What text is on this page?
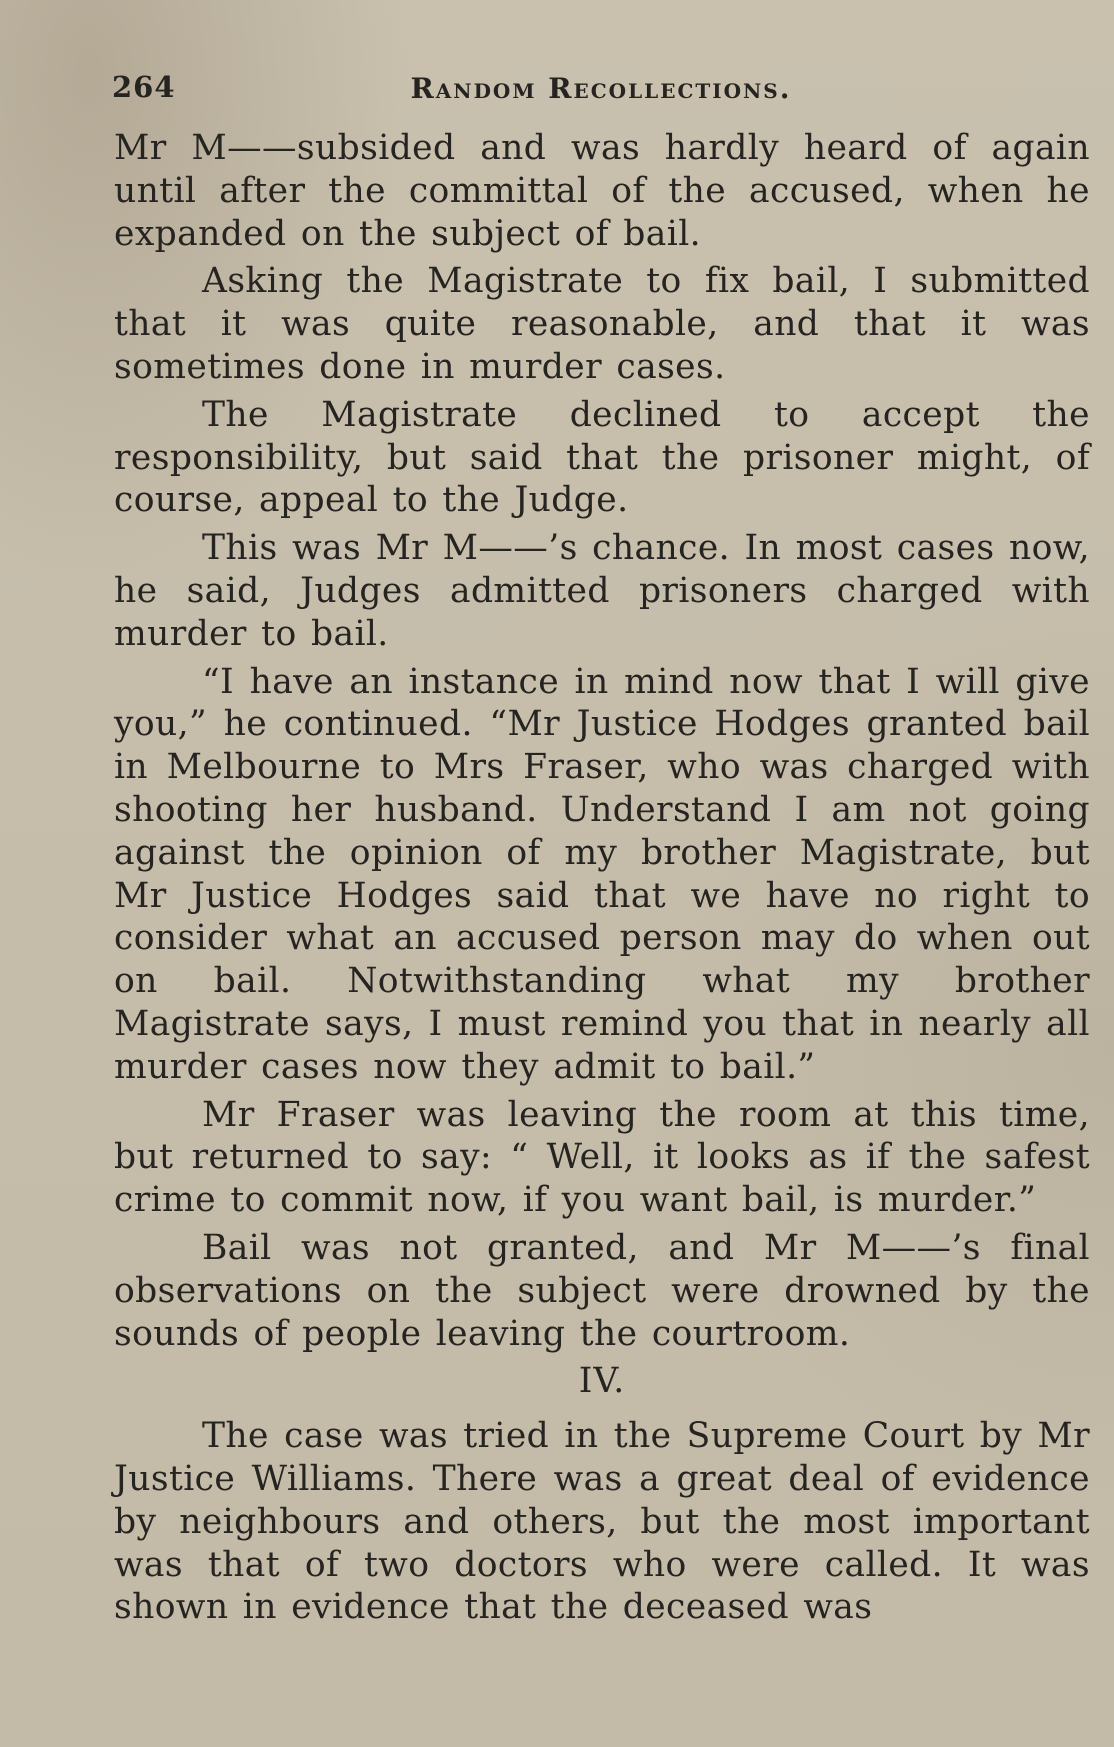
264	Random Recollections.

Mr M——subsided and was hardly heard of again until after the committal of the accused, when he expanded on the subject of bail.

Asking the Magistrate to fix bail, I submitted that it was quite reasonable, and that it was sometimes done in murder cases.

The Magistrate declined to accept the responsibility, but said that the prisoner might, of course, appeal to the Judge.

This was Mr M——’s chance. In most cases now, he said, Judges admitted prisoners charged with murder to bail.

“I have an instance in mind now that I will give you,” he continued. “Mr Justice Hodges granted bail in Melbourne to Mrs Fraser, who was charged with shooting her husband. Understand I am not going against the opinion of my brother Magistrate, but Mr Justice Hodges said that we have no right to consider what an accused person may do when out on bail. Notwithstanding what my brother Magistrate says, I must remind you that in nearly all murder cases now they admit to bail.”

Mr Fraser was leaving the room at this time, but returned to say: “ Well, it looks as if the safest crime to commit now, if you want bail, is murder.”

Bail was not granted, and Mr M——’s final observations on the subject were drowned by the sounds of people leaving the courtroom.

IV.

The case was tried in the Supreme Court by Mr Justice Williams. There was a great deal of evidence by neighbours and others, but the most important was that of two doctors who were called. It was shown in evidence that the deceased was
